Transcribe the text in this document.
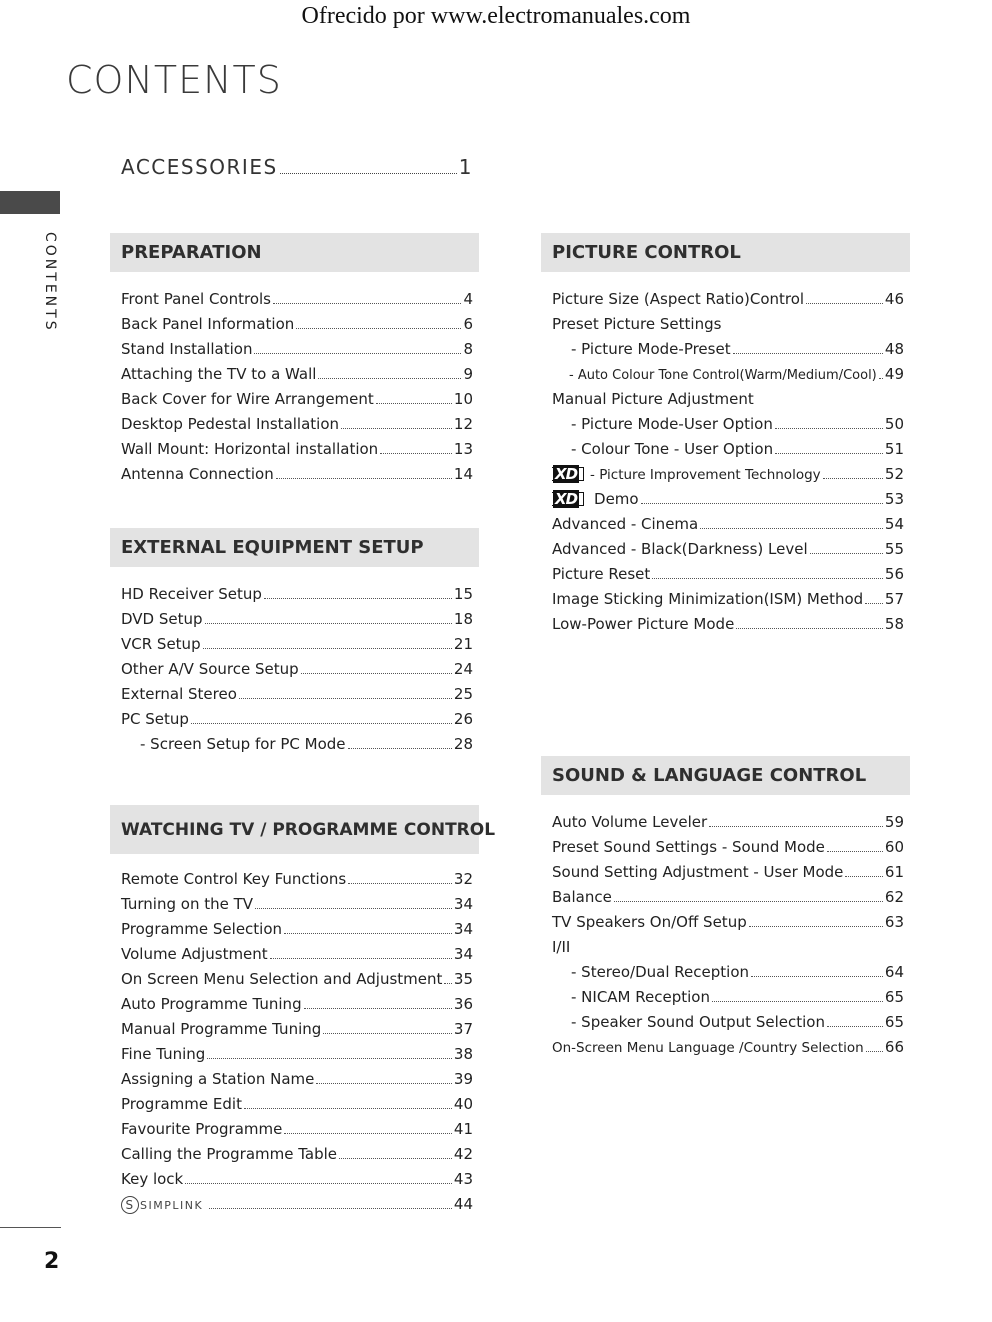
Ofrecido por www.electromanuales.com
CONTENTS
CONTENTS
2
ACCESSORIES	1
PREPARATION
Front Panel Controls	4
Back Panel Information	6
Stand Installation	8
Attaching the TV to a Wall	9
Back Cover for Wire Arrangement	10
Desktop Pedestal Installation	12
Wall Mount: Horizontal installation	13
Antenna Connection	14
EXTERNAL EQUIPMENT SETUP
HD Receiver Setup	15
DVD Setup	18
VCR Setup	21
Other A/V Source Setup	24
External Stereo	25
PC Setup	26
- Screen Setup for PC Mode	28
WATCHING TV / PROGRAMME CONTROL
Remote Control Key Functions	32
Turning on the TV	34
Programme Selection	34
Volume Adjustment	34
On Screen Menu Selection and Adjustment 35
Auto Programme Tuning	36
Manual Programme Tuning	37
Fine Tuning	38
Assigning a Station Name	39
Programme Edit	40
Favourite Programme	41
Calling the Programme Table	42
Key lock	43
S SIMPLINK	44
PICTURE CONTROL
Picture Size (Aspect Ratio)Control	46
Preset Picture Settings
- Picture Mode-Preset	48
- Auto Colour Tone Control(Warm/Medium/Cool) 49
Manual Picture Adjustment
- Picture Mode-User Option	50
- Colour Tone - User Option	51
XD - Picture Improvement Technology	52
XD	Demo	53
Advanced - Cinema	54
Advanced - Black(Darkness) Level	55
Picture Reset	56
Image Sticking Minimization(ISM) Method 57
Low-Power Picture Mode	58
SOUND & LANGUAGE CONTROL
Auto Volume Leveler	59
Preset Sound Settings - Sound Mode	60
Sound Setting Adjustment - User Mode	61
Balance	62
TV Speakers On/Off Setup	63
I/II
- Stereo/Dual Reception	64
- NICAM Reception	65
- Speaker Sound Output Selection	65
On-Screen Menu Language /Country Selection 66
